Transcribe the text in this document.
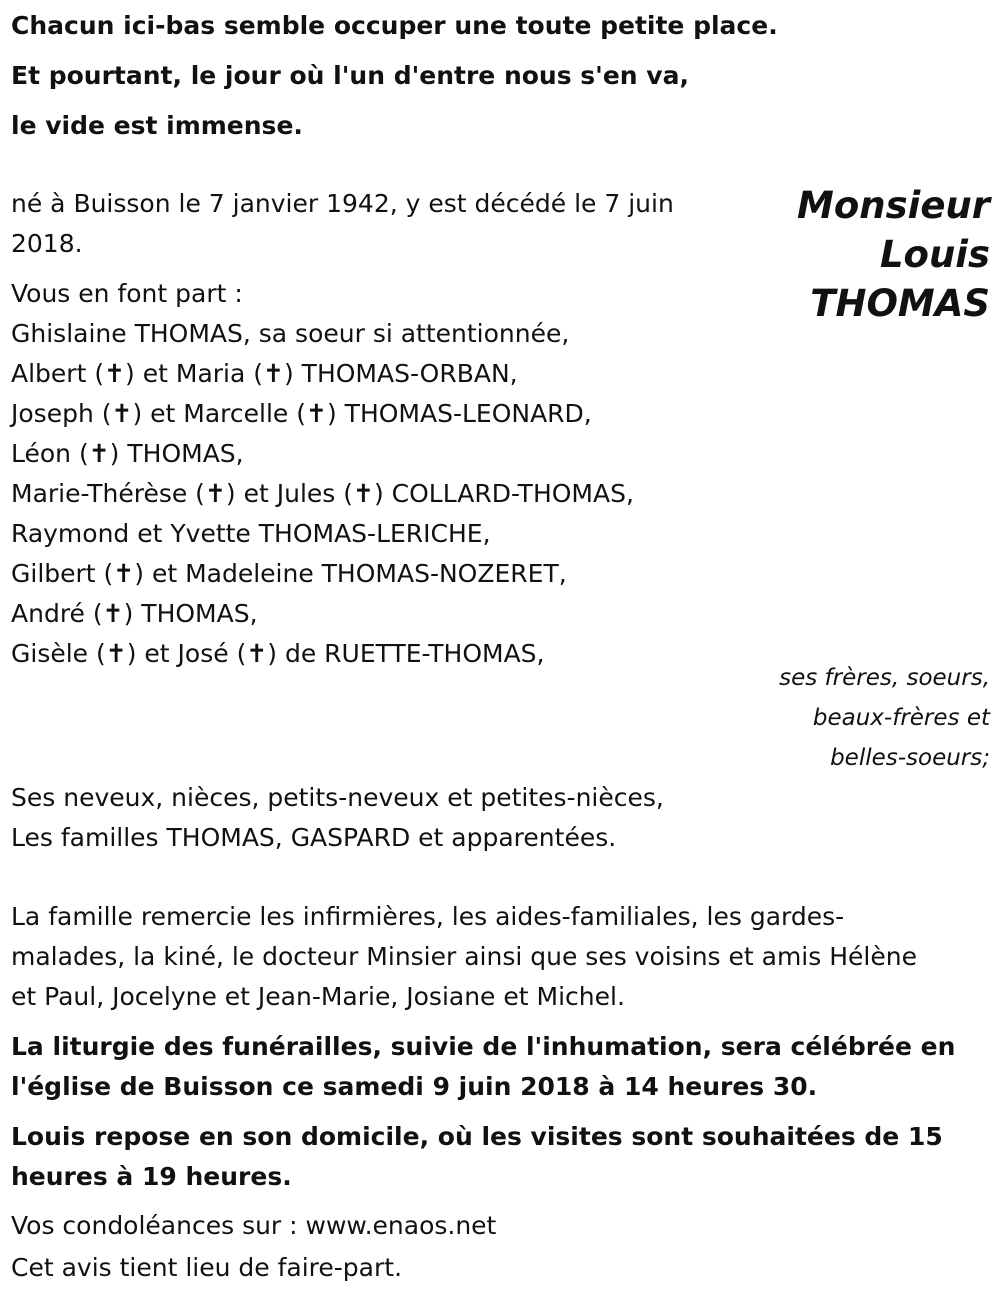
Chacun ici-bas semble occuper une toute petite place.

Et pourtant, le jour où l'un d'entre nous s'en va,

le vide est immense.

Monsieur

Louis

THOMAS

né à Buisson le 7 janvier 1942, y est décédé le 7 juin

2018.

Vous en font part :

Ghislaine THOMAS, sa soeur si attentionnée,

Albert (✝) et Maria (✝) THOMAS-ORBAN,

Joseph (✝) et Marcelle (✝) THOMAS-LEONARD,

Léon (✝) THOMAS,

Marie-Thérèse (✝) et Jules (✝) COLLARD-THOMAS,

Raymond et Yvette THOMAS-LERICHE,

Gilbert (✝) et Madeleine THOMAS-NOZERET,

André (✝) THOMAS,

Gisèle (✝) et José (✝) de RUETTE-THOMAS,

ses frères, soeurs,

beaux-frères et

belles-soeurs;

Ses neveux, nièces, petits-neveux et petites-nièces,

Les familles THOMAS, GASPARD et apparentées.

La famille remercie les infirmières, les aides-familiales, les gardes-

malades, la kiné, le docteur Minsier ainsi que ses voisins et amis Hélène

et Paul, Jocelyne et Jean-Marie, Josiane et Michel.

La liturgie des funérailles, suivie de l'inhumation, sera célébrée en

l'église de Buisson ce samedi 9 juin 2018 à 14 heures 30.

Louis repose en son domicile, où les visites sont souhaitées de 15

heures à 19 heures.

Vos condoléances sur : www.enaos.net

Cet avis tient lieu de faire-part.
